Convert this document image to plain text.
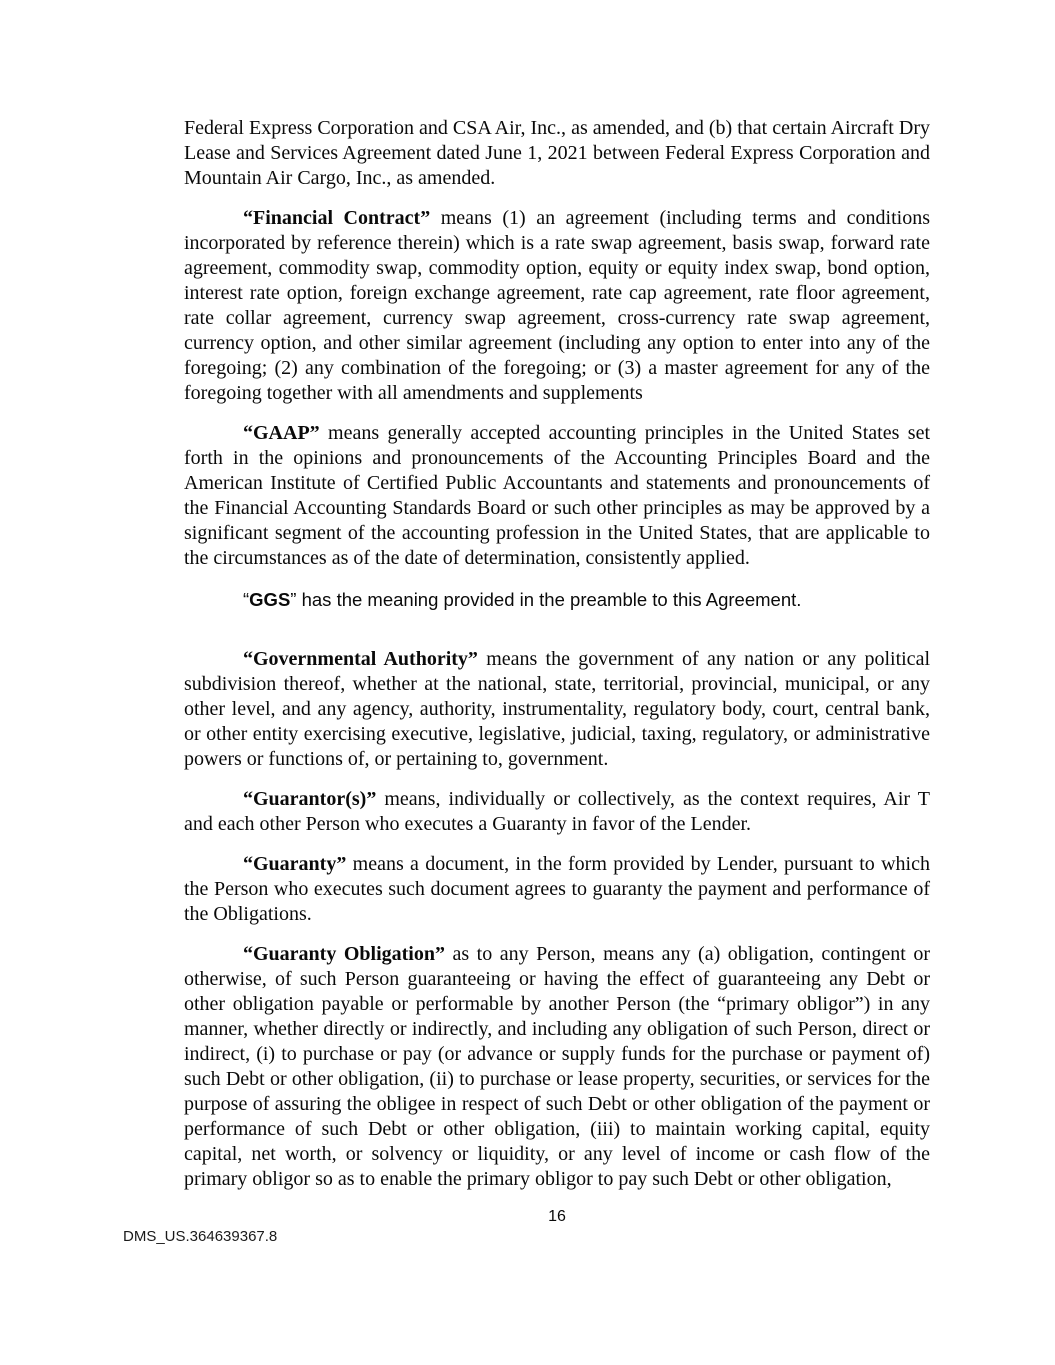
Federal Express Corporation and CSA Air, Inc., as amended, and (b) that certain Aircraft Dry Lease and Services Agreement dated June 1, 2021 between Federal Express Corporation and Mountain Air Cargo, Inc., as amended.

“Financial Contract” means (1) an agreement (including terms and conditions incorporated by reference therein) which is a rate swap agreement, basis swap, forward rate agreement, commodity swap, commodity option, equity or equity index swap, bond option, interest rate option, foreign exchange agreement, rate cap agreement, rate floor agreement, rate collar agreement, currency swap agreement, cross-currency rate swap agreement, currency option, and other similar agreement (including any option to enter into any of the foregoing; (2) any combination of the foregoing; or (3) a master agreement for any of the foregoing together with all amendments and supplements

“GAAP” means generally accepted accounting principles in the United States set forth in the opinions and pronouncements of the Accounting Principles Board and the American Institute of Certified Public Accountants and statements and pronouncements of the Financial Accounting Standards Board or such other principles as may be approved by a significant segment of the accounting profession in the United States, that are applicable to the circumstances as of the date of determination, consistently applied.

“GGS” has the meaning provided in the preamble to this Agreement.

“Governmental Authority” means the government of any nation or any political subdivision thereof, whether at the national, state, territorial, provincial, municipal, or any other level, and any agency, authority, instrumentality, regulatory body, court, central bank, or other entity exercising executive, legislative, judicial, taxing, regulatory, or administrative powers or functions of, or pertaining to, government.

“Guarantor(s)” means, individually or collectively, as the context requires, Air T and each other Person who executes a Guaranty in favor of the Lender.

“Guaranty” means a document, in the form provided by Lender, pursuant to which the Person who executes such document agrees to guaranty the payment and performance of the Obligations.

“Guaranty Obligation” as to any Person, means any (a) obligation, contingent or otherwise, of such Person guaranteeing or having the effect of guaranteeing any Debt or other obligation payable or performable by another Person (the “primary obligor”) in any manner, whether directly or indirectly, and including any obligation of such Person, direct or indirect, (i) to purchase or pay (or advance or supply funds for the purchase or payment of) such Debt or other obligation, (ii) to purchase or lease property, securities, or services for the purpose of assuring the obligee in respect of such Debt or other obligation of the payment or performance of such Debt or other obligation, (iii) to maintain working capital, equity capital, net worth, or solvency or liquidity, or any level of income or cash flow of the primary obligor so as to enable the primary obligor to pay such Debt or other obligation,

16
DMS_US.364639367.8
